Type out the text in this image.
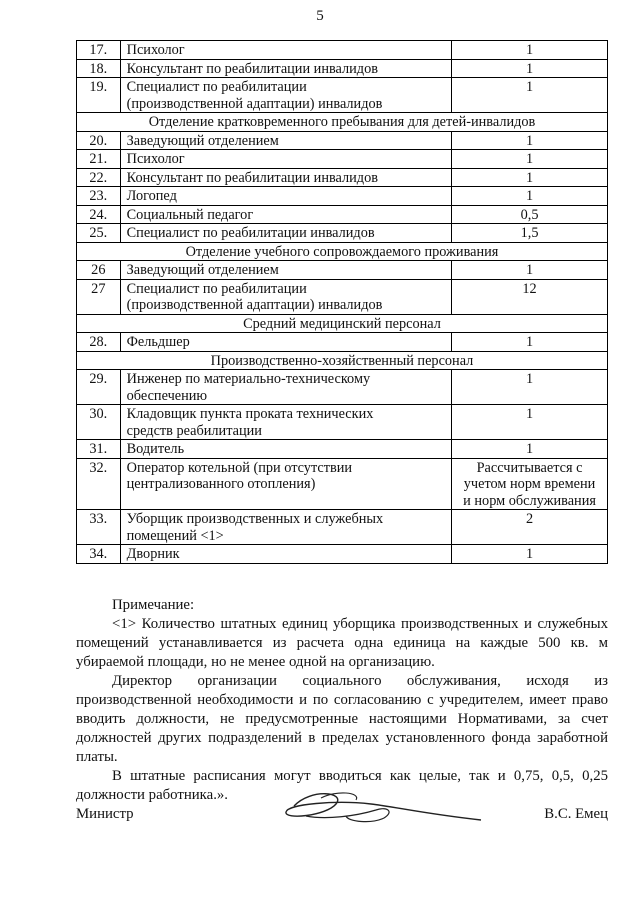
5
17.	Психолог	1
18.	Консультант по реабилитации инвалидов	1
19.	Специалист по реабилитации
(производственной адаптации) инвалидов	1
Отделение кратковременного пребывания для детей-инвалидов		
20.	Заведующий отделением	1
21.	Психолог	1
22.	Консультант по реабилитации инвалидов	1
23.	Логопед	1
24.	Социальный педагог	0,5
25.	Специалист по реабилитации инвалидов	1,5
Отделение учебного сопровождаемого проживания		
26	Заведующий отделением	1
27	Специалист по реабилитации
(производственной адаптации) инвалидов	12
Средний медицинский персонал		
28.	Фельдшер	1
Производственно-хозяйственный персонал		
29.	Инженер по материально-техническому
обеспечению	1
30.	Кладовщик пункта проката технических
средств реабилитации	1
31.	Водитель	1
32.	Оператор котельной (при отсутствии
централизованного отопления)	Рассчитывается с
учетом норм времени
и норм обслуживания
33.	Уборщик производственных и служебных
помещений <1>	2
34.	Дворник	1

Примечание:

<1> Количество штатных единиц уборщика производственных и служебных помещений устанавливается из расчета одна единица на каждые 500 кв. м убираемой площади, но не менее одной на организацию.

Директор организации социального обслуживания, исходя из производственной необходимости и по согласованию с учредителем, имеет право вводить должности, не предусмотренные настоящими Нормативами, за счет должностей других подразделений в пределах установленного фонда заработной платы.

В штатные расписания могут вводиться как целые, так и 0,75, 0,5, 0,25 должности работника.».

Министр	В.С. Емец
